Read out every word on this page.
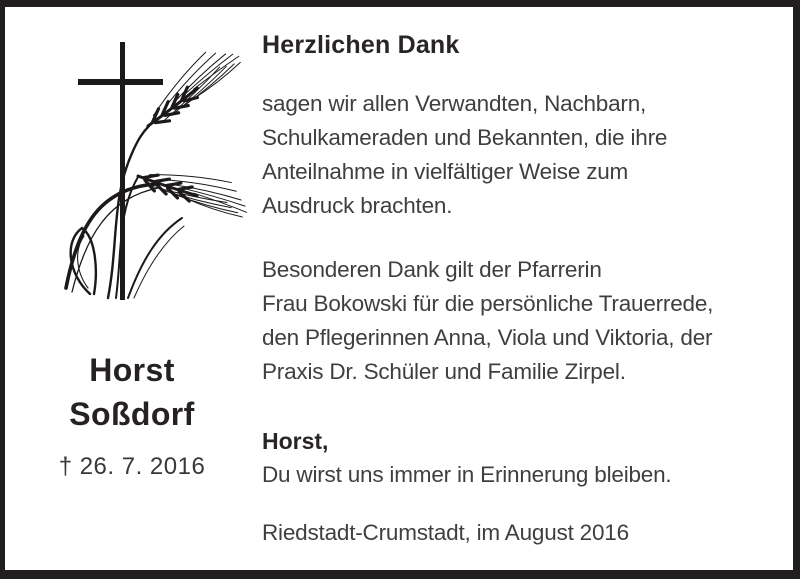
Horst
Soßdorf
† 26. 7. 2016
Herzlichen Dank
sagen wir allen Verwandten, Nachbarn,
Schulkameraden und Bekannten, die ihre
Anteilnahme in vielfältiger Weise zum
Ausdruck brachten.
Besonderen Dank gilt der Pfarrerin
Frau Bokowski für die persönliche Trauerrede,
den Pflegerinnen Anna, Viola und Viktoria, der
Praxis Dr. Schüler und Familie Zirpel.
Horst,
Du wirst uns immer in Erinnerung bleiben.
Riedstadt-Crumstadt, im August 2016
